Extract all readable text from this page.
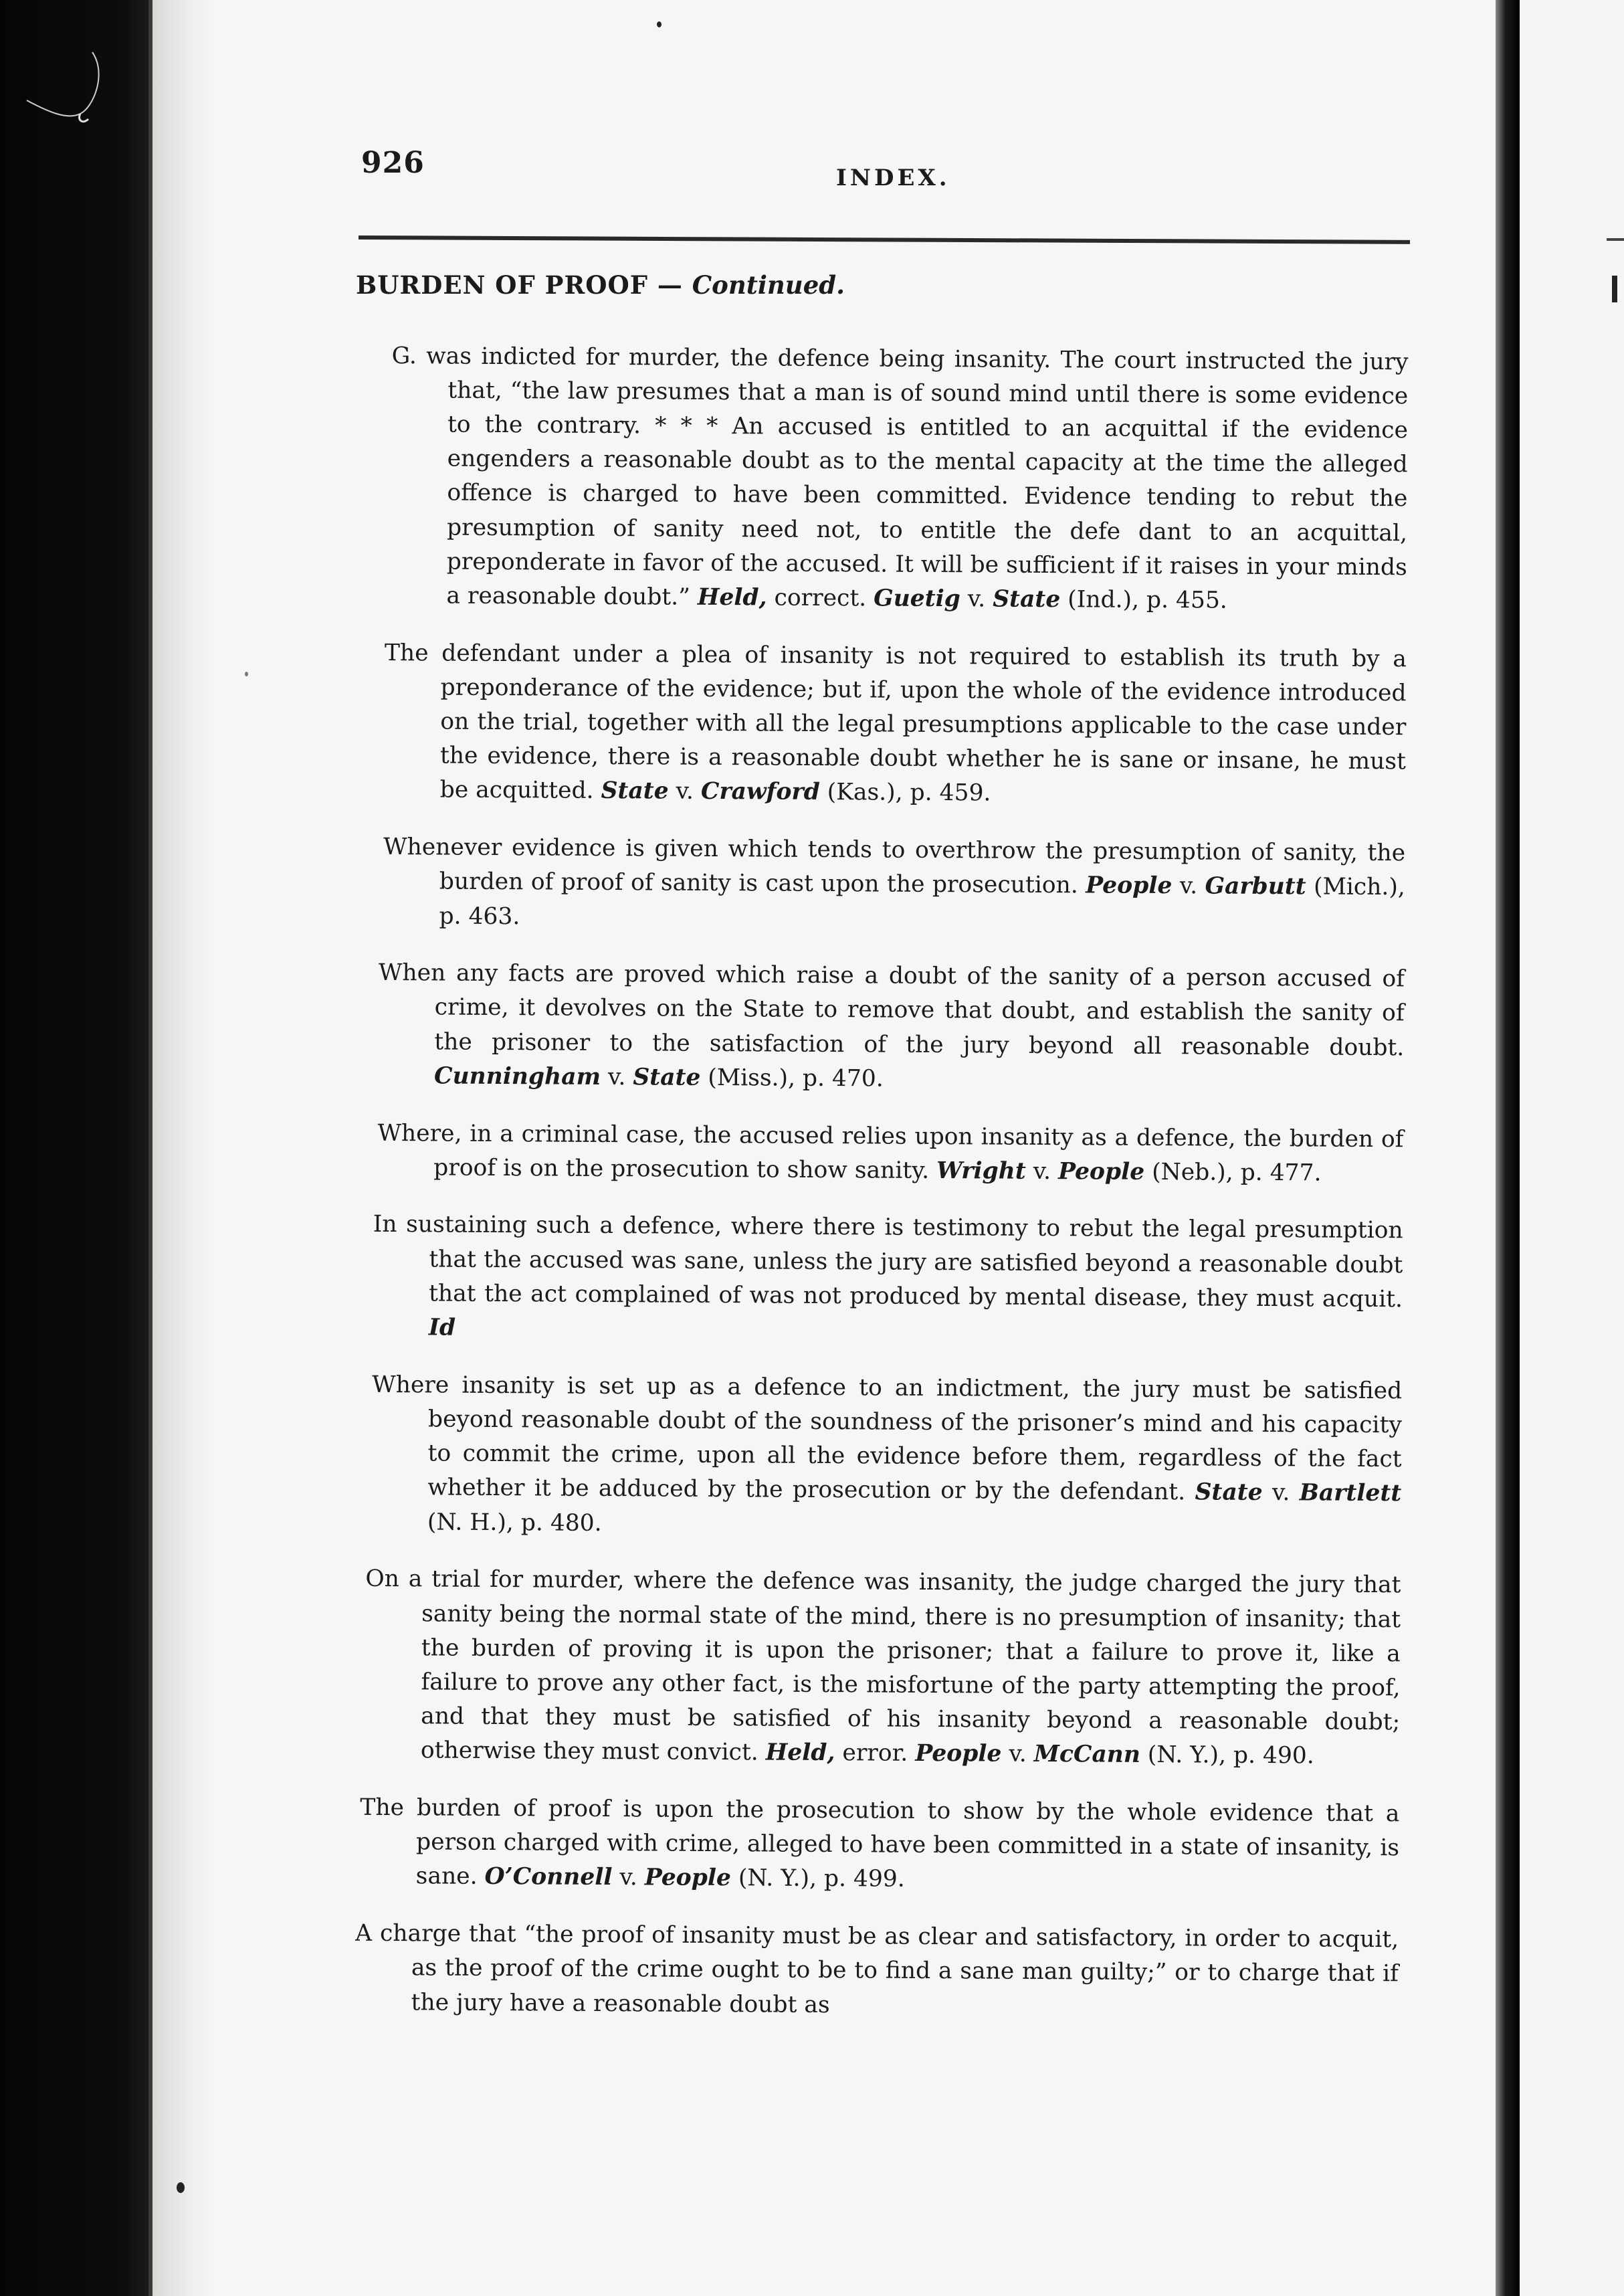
926	INDEX.
BURDEN OF PROOF — Continued.

G. was indicted for murder, the defence being insanity. The court instructed the jury that, “the law presumes that a man is of sound mind until there is some evidence to the contrary. * * * An accused is entitled to an acquittal if the evidence engenders a reasonable doubt as to the mental capacity at the time the alleged offence is charged to have been committed. Evidence tending to rebut the presumption of sanity need not, to entitle the defe dant to an acquittal, preponderate in favor of the accused. It will be sufficient if it raises in your minds a reasonable doubt.” Held, correct. Guetig v. State (Ind.), p. 455.

The defendant under a plea of insanity is not required to establish its truth by a preponderance of the evidence; but if, upon the whole of the evidence introduced on the trial, together with all the legal presumptions applicable to the case under the evidence, there is a reasonable doubt whether he is sane or insane, he must be acquitted. State v. Crawford (Kas.), p. 459.

Whenever evidence is given which tends to overthrow the presumption of sanity, the burden of proof of sanity is cast upon the prosecution. People v. Garbutt (Mich.), p. 463.

When any facts are proved which raise a doubt of the sanity of a person accused of crime, it devolves on the State to remove that doubt, and establish the sanity of the prisoner to the satisfaction of the jury beyond all reasonable doubt. Cunningham v. State (Miss.), p. 470.

Where, in a criminal case, the accused relies upon insanity as a defence, the burden of proof is on the prosecution to show sanity. Wright v. People (Neb.), p. 477.

In sustaining such a defence, where there is testimony to rebut the legal presumption that the accused was sane, unless the jury are satisfied beyond a reasonable doubt that the act complained of was not produced by mental disease, they must acquit. Id

Where insanity is set up as a defence to an indictment, the jury must be satisfied beyond reasonable doubt of the soundness of the prisoner’s mind and his capacity to commit the crime, upon all the evidence before them, regardless of the fact whether it be adduced by the prosecution or by the defendant. State v. Bartlett (N. H.), p. 480.

On a trial for murder, where the defence was insanity, the judge charged the jury that sanity being the normal state of the mind, there is no presumption of insanity; that the burden of proving it is upon the prisoner; that a failure to prove it, like a failure to prove any other fact, is the misfortune of the party attempting the proof, and that they must be satisfied of his insanity beyond a reasonable doubt; otherwise they must convict. Held, error. People v. McCann (N. Y.), p. 490.

The burden of proof is upon the prosecution to show by the whole evidence that a person charged with crime, alleged to have been committed in a state of insanity, is sane. O’Connell v. People (N. Y.), p. 499.

A charge that “the proof of insanity must be as clear and satisfactory, in order to acquit, as the proof of the crime ought to be to find a sane man guilty;” or to charge that if the jury have a reasonable doubt as
